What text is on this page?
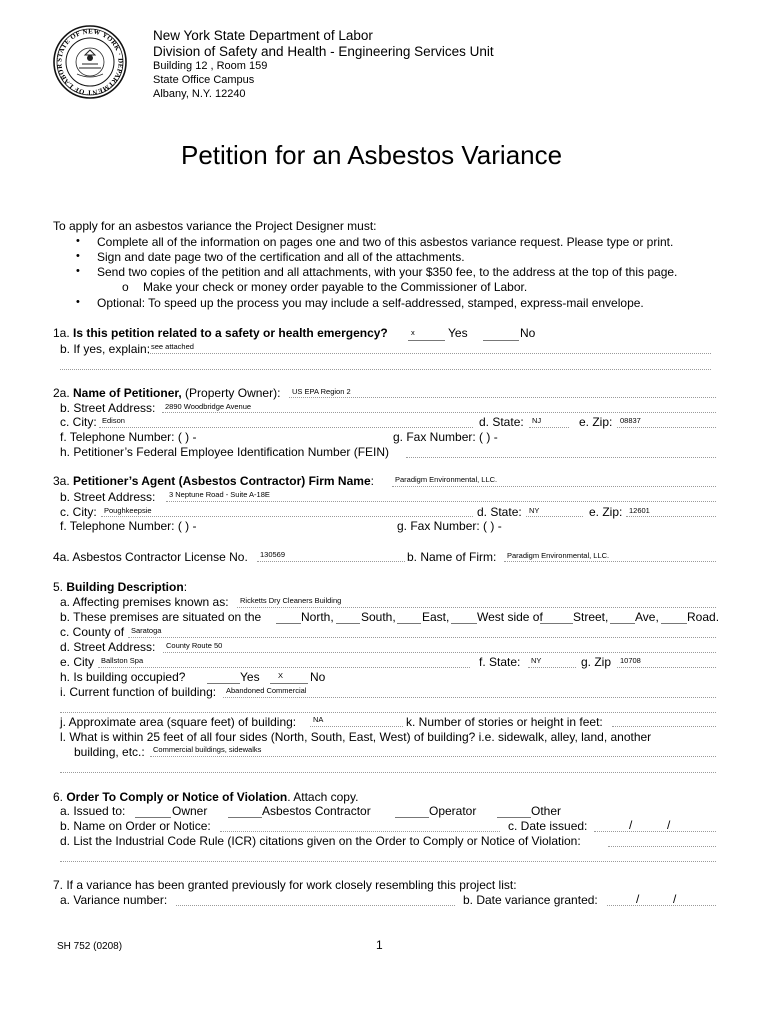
STATE OF NEW YORK · DEPARTMENT OF LABOR
New York State Department of Labor
Division of Safety and Health - Engineering Services Unit
Building 12 , Room 159
State Office Campus
Albany, N.Y. 12240
Petition for an Asbestos Variance
To apply for an asbestos variance the Project Designer must:
• Complete all of the information on pages one and two of this asbestos variance request. Please type or print.
• Sign and date page two of the certification and all of the attachments.
• Send two copies of the petition and all attachments, with your $350 fee, to the address at the top of this page.
o Make your check or money order payable to the Commissioner of Labor.
• Optional: To speed up the process you may include a self-addressed, stamped, express-mail envelope.
1a. Is this petition related to a safety or health emergency?	x	Yes	No
b. If yes, explain: see attached
2a. Name of Petitioner, (Property Owner): US EPA Region 2
b. Street Address: 2890 Woodbridge Avenue
c. City: Edison	d. State: NJ	e. Zip: 08837
f. Telephone Number: ( ) -	g. Fax Number: ( ) -
h. Petitioner’s Federal Employee Identification Number (FEIN)
3a. Petitioner’s Agent (Asbestos Contractor) Firm Name:	Paradigm Environmental, LLC.
b. Street Address: 3 Neptune Road - Suite A-18E
c. City: Poughkeepsie	d. State: NY	e. Zip: 12601
f. Telephone Number: ( ) -	g. Fax Number: ( ) -
4a. Asbestos Contractor License No. 130569	b. Name of Firm: Paradigm Environmental, LLC.
5. Building Description:
a. Affecting premises known as: Ricketts Dry Cleaners Building
b. These premises are situated on the	North, South, East, West side of	Street, Ave, Road.
c. County of Saratoga
d. Street Address: County Route 50
e. City Ballston Spa	f. State: NY	g. Zip 10708
h. Is building occupied?	Yes X No
i. Current function of building: Abandoned Commercial
j. Approximate area (square feet) of building: NA	k. Number of stories or height in feet:
l. What is within 25 feet of all four sides (North, South, East, West) of building? i.e. sidewalk, alley, land, another
building, etc.: Commercial buildings, sidewalks
6. Order To Comply or Notice of Violation. Attach copy.
a. Issued to:	Owner	Asbestos Contractor	Operator	Other
b. Name on Order or Notice:	c. Date issued:	/	/
d. List the Industrial Code Rule (ICR) citations given on the Order to Comply or Notice of Violation:
7. If a variance has been granted previously for work closely resembling this project list:
a. Variance number:	b. Date variance granted:	/	/
SH 752 (0208)	1
